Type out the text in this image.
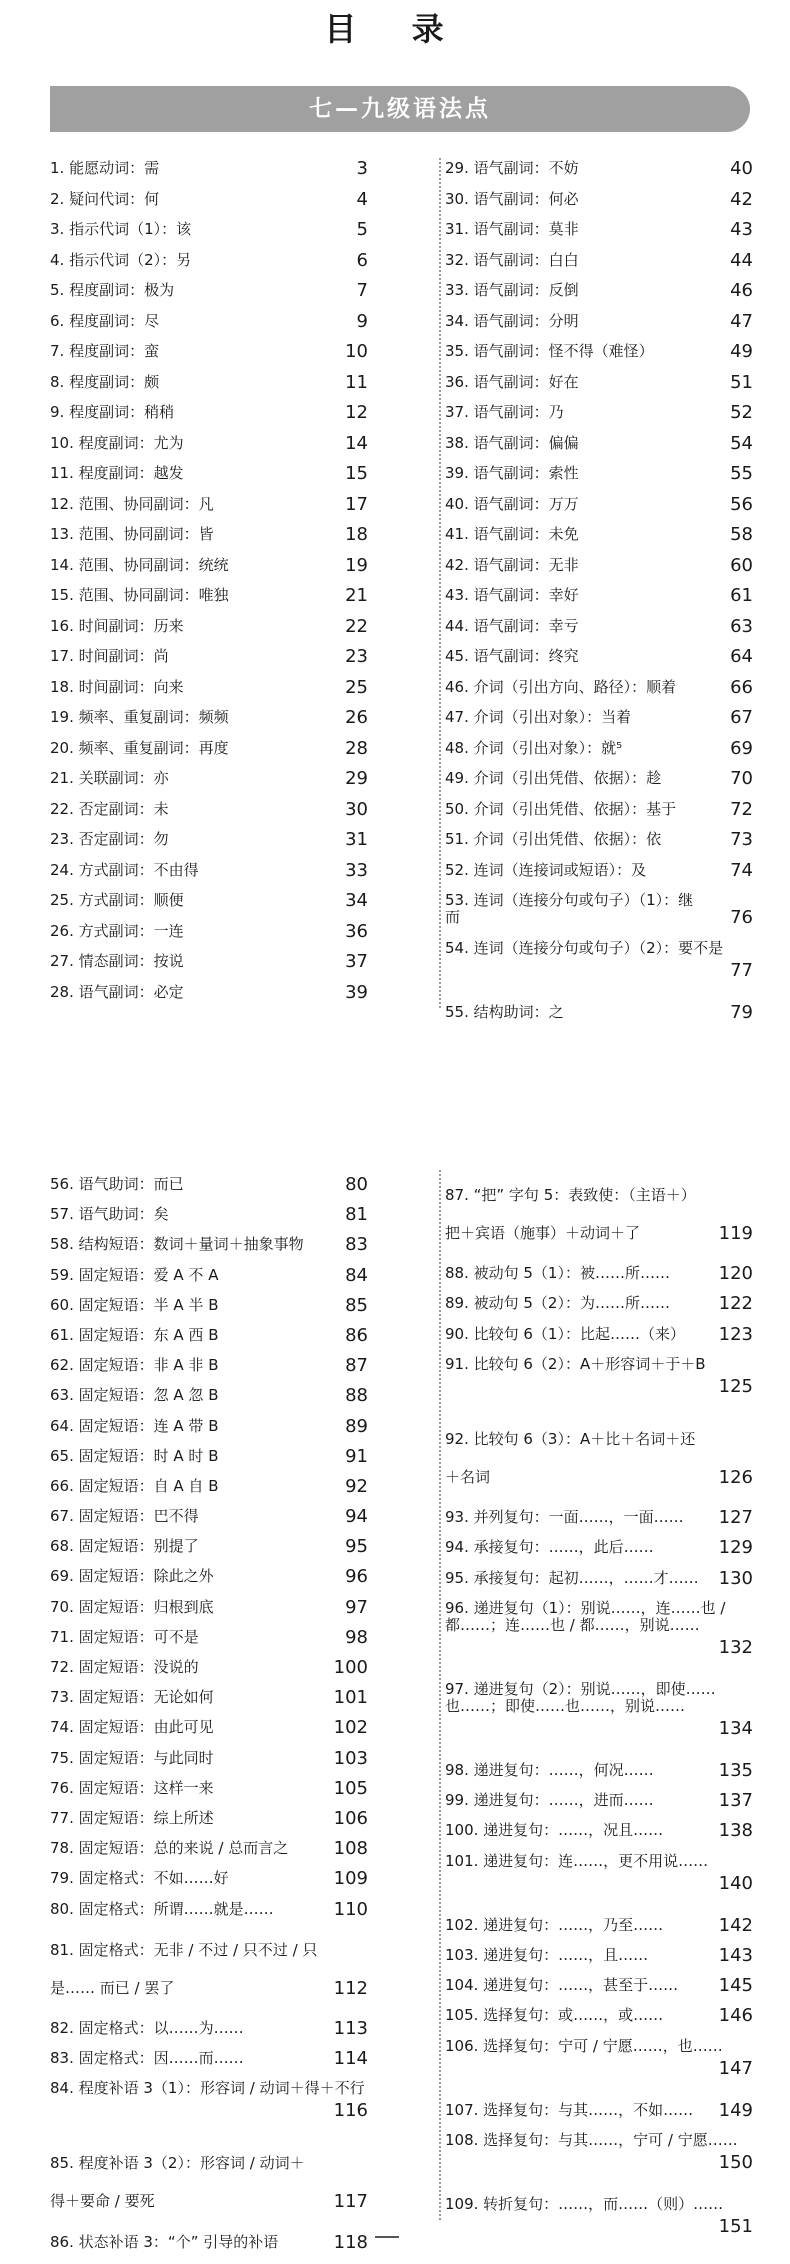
目 录
七—九级语法点
1. 能愿动词：需	3
2. 疑问代词：何	4
3. 指示代词（1）：该	5
4. 指示代词（2）：另	6
5. 程度副词：极为	7
6. 程度副词：尽	9
7. 程度副词：蛮	10
8. 程度副词：颇	11
9. 程度副词：稍稍	12
10. 程度副词：尤为	14
11. 程度副词：越发	15
12. 范围、协同副词：凡	17
13. 范围、协同副词：皆	18
14. 范围、协同副词：统统	19
15. 范围、协同副词：唯独	21
16. 时间副词：历来	22
17. 时间副词：尚	23
18. 时间副词：向来	25
19. 频率、重复副词：频频	26
20. 频率、重复副词：再度	28
21. 关联副词：亦	29
22. 否定副词：未	30
23. 否定副词：勿	31
24. 方式副词：不由得	33
25. 方式副词：顺便	34
26. 方式副词：一连	36
27. 情态副词：按说	37
28. 语气副词：必定	39
29. 语气副词：不妨	40
30. 语气副词：何必	42
31. 语气副词：莫非	43
32. 语气副词：白白	44
33. 语气副词：反倒	46
34. 语气副词：分明	47
35. 语气副词：怪不得（难怪）	49
36. 语气副词：好在	51
37. 语气副词：乃	52
38. 语气副词：偏偏	54
39. 语气副词：索性	55
40. 语气副词：万万	56
41. 语气副词：未免	58
42. 语气副词：无非	60
43. 语气副词：幸好	61
44. 语气副词：幸亏	63
45. 语气副词：终究	64
46. 介词（引出方向、路径）：顺着	66
47. 介词（引出对象）：当着	67
48. 介词（引出对象）：就⁵	69
49. 介词（引出凭借、依据）：趁	70
50. 介词（引出凭借、依据）：基于	72
51. 介词（引出凭借、依据）：依	73
52. 连词（连接词或短语）：及	74
53. 连词（连接分句或句子）（1）：继而	76
54. 连词（连接分句或句子）（2）：要不是
77
55. 结构助词：之	79
56. 语气助词：而已	80
57. 语气助词：矣	81
58. 结构短语：数词＋量词＋抽象事物	83
59. 固定短语：爱 A 不 A	84
60. 固定短语：半 A 半 B	85
61. 固定短语：东 A 西 B	86
62. 固定短语：非 A 非 B	87
63. 固定短语：忽 A 忽 B	88
64. 固定短语：连 A 带 B	89
65. 固定短语：时 A 时 B	91
66. 固定短语：自 A 自 B	92
67. 固定短语：巴不得	94
68. 固定短语：别提了	95
69. 固定短语：除此之外	96
70. 固定短语：归根到底	97
71. 固定短语：可不是	98
72. 固定短语：没说的	100
73. 固定短语：无论如何	101
74. 固定短语：由此可见	102
75. 固定短语：与此同时	103
76. 固定短语：这样一来	105
77. 固定短语：综上所述	106
78. 固定短语：总的来说 / 总而言之	108
79. 固定格式：不如……好	109
80. 固定格式：所谓……就是……	110
81. 固定格式：无非 / 不过 / 只不过 / 只是…… 而已 / 罢了	112
82. 固定格式：以……为……	113
83. 固定格式：因……而……	114
84. 程度补语 3（1）：形容词 / 动词＋得＋不行
116
85. 程度补语 3（2）：形容词 / 动词＋得＋要命 / 要死	117
86. 状态补语 3：“个” 引导的补语	118
87. “把” 字句 5：表致使：（主语＋）把＋宾语（施事）＋动词＋了	119
88. 被动句 5（1）：被……所……	120
89. 被动句 5（2）：为……所……	122
90. 比较句 6（1）：比起……（来）	123
91. 比较句 6（2）：A＋形容词＋于＋B
125
92. 比较句 6（3）：A＋比＋名词＋还＋名词	126
93. 并列复句：一面……，一面……	127
94. 承接复句：……，此后……	129
95. 承接复句：起初……，……才……	130
96. 递进复句（1）：别说……，连……也 / 都……；连……也 / 都……，别说……
132
97. 递进复句（2）：别说……，即使……也……；即使……也……，别说……
134
98. 递进复句：……，何况……	135
99. 递进复句：……，进而……	137
100. 递进复句：……，况且……	138
101. 递进复句：连……，更不用说……
140
102. 递进复句：……，乃至……	142
103. 递进复句：……，且……	143
104. 递进复句：……，甚至于……	145
105. 选择复句：或……，或……	146
106. 选择复句：宁可 / 宁愿……，也……
147
107. 选择复句：与其……，不如……	149
108. 选择复句：与其……，宁可 / 宁愿……
150
109. 转折复句：……，而……（则）……
151
